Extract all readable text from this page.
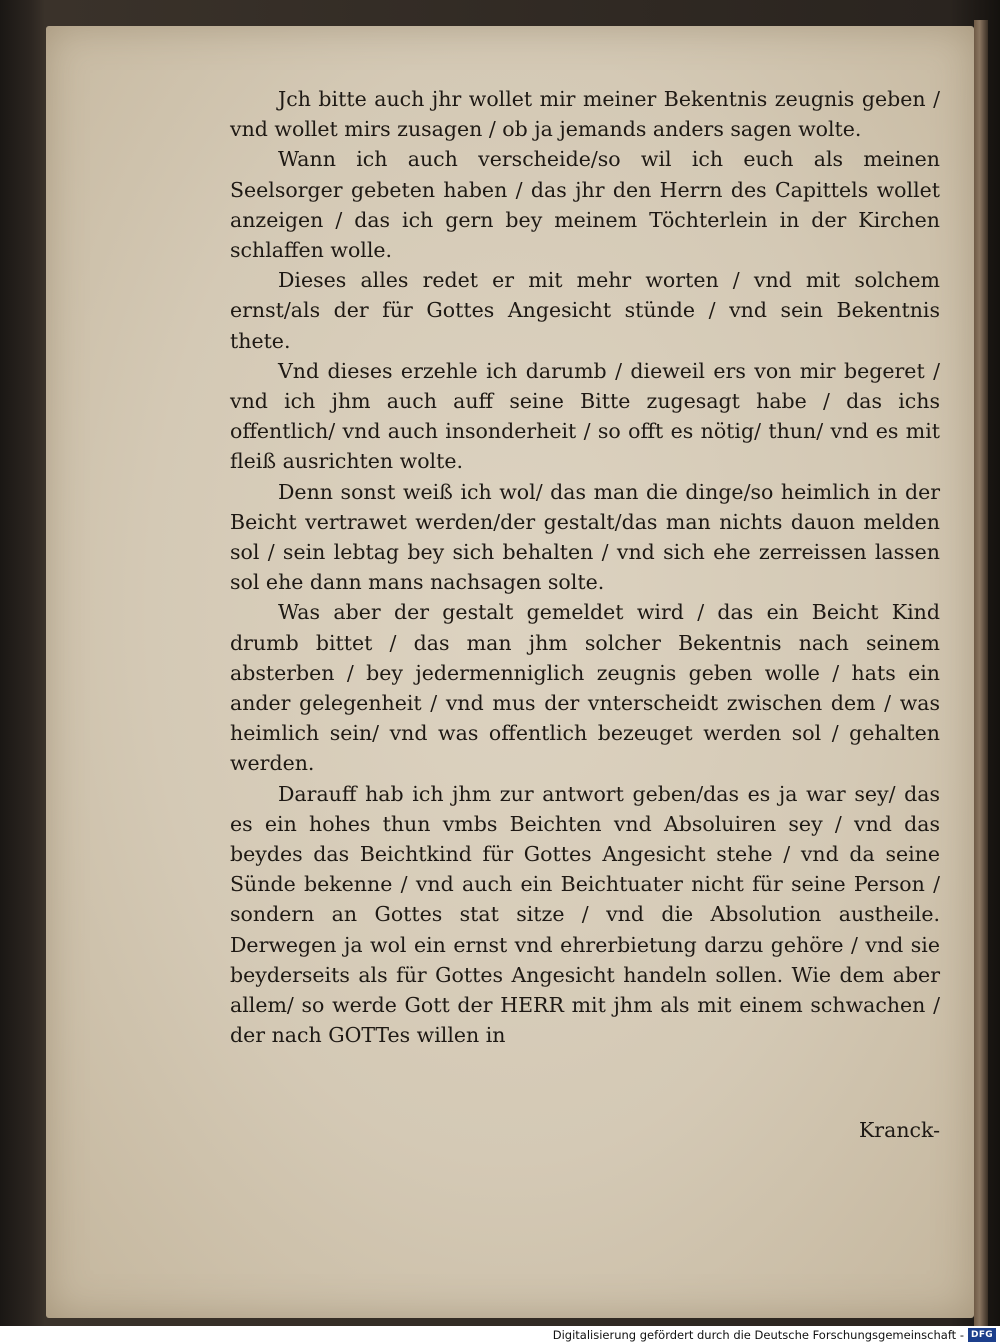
Jch bitte auch jhr wollet mir meiner Bekentnis zeugnis geben / vnd wollet mirs zusagen / ob ja jemands anders sagen wolte.

Wann ich auch verscheide/so wil ich euch als meinen Seelsorger gebeten haben / das jhr den Herrn des Capittels wollet anzeigen / das ich gern bey meinem Töchterlein in der Kirchen schlaffen wolle.

Dieses alles redet er mit mehr worten / vnd mit solchem ernst/als der für Gottes Angesicht stünde / vnd sein Bekentnis thete.

Vnd dieses erzehle ich darumb / dieweil ers von mir begeret / vnd ich jhm auch auff seine Bitte zugesagt habe / das ichs offentlich/ vnd auch insonderheit / so offt es nötig/ thun/ vnd es mit fleiß ausrichten wolte.

Denn sonst weiß ich wol/ das man die dinge/so heimlich in der Beicht vertrawet werden/der gestalt/das man nichts dauon melden sol / sein lebtag bey sich behalten / vnd sich ehe zerreissen lassen sol ehe dann mans nachsagen solte.

Was aber der gestalt gemeldet wird / das ein Beicht Kind drumb bittet / das man jhm solcher Bekentnis nach seinem absterben / bey jedermenniglich zeugnis geben wolle / hats ein ander gelegenheit / vnd mus der vnterscheidt zwischen dem / was heimlich sein/ vnd was offentlich bezeuget werden sol / gehalten werden.

Darauff hab ich jhm zur antwort geben/das es ja war sey/ das es ein hohes thun vmbs Beichten vnd Absoluiren sey / vnd das beydes das Beichtkind für Gottes Angesicht stehe / vnd da seine Sünde bekenne / vnd auch ein Beichtuater nicht für seine Person / sondern an Gottes stat sitze / vnd die Absolution austheile. Derwegen ja wol ein ernst vnd ehrerbietung darzu gehöre / vnd sie beyderseits als für Gottes Angesicht handeln sollen. Wie dem aber allem/ so werde Gott der HERR mit jhm als mit einem schwachen / der nach GOTTes willen in

Kranck-
Digitalisierung gefördert durch die Deutsche Forschungsgemeinschaft - DFG
